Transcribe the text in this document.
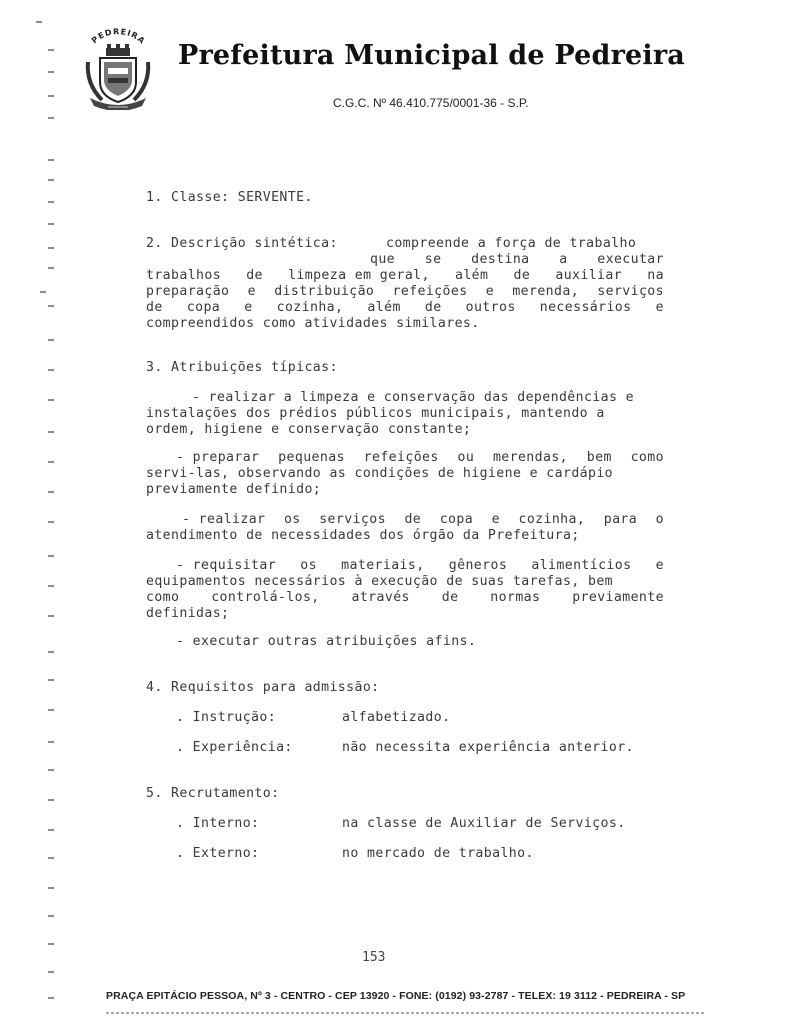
PEDREIRA Prefeitura Municipal de Pedreira
C.G.C. Nº 46.410.775/0001-36 - S.P.
1. Classe: SERVENTE.
2. Descrição sintética:	compreende a força de trabalho
que se destina a executar
trabalhos de limpeza em geral, além de auxiliar na
preparação e distribuição refeições e merenda, serviços
de copa e cozinha, além de outros necessários e
compreendidos como atividades similares.
3. Atribuições típicas:
- realizar a limpeza e conservação das dependências e
instalações dos prédios públicos municipais, mantendo a
ordem, higiene e conservação constante;
- preparar pequenas refeições ou merendas, bem como
servi-las, observando as condições de higiene e cardápio
previamente definido;
- realizar os serviços de copa e cozinha, para o
atendimento de necessidades dos órgão da Prefeitura;
- requisitar os materiais, gêneros alimentícios e
equipamentos necessários à execução de suas tarefas, bem
como controlá-los, através de normas previamente
definidas;
- executar outras atribuições afins.
4. Requisitos para admissão:
. Instrução:	alfabetizado.
. Experiência:	não necessita experiência anterior.
5. Recrutamento:
. Interno:	na classe de Auxiliar de Serviços.
. Externo:	no mercado de trabalho.
153
PRAÇA EPITÁCIO PESSOA, Nº 3 - CENTRO - CEP 13920 - FONE: (0192) 93-2787 - TELEX: 19 3112 - PEDREIRA - SP
